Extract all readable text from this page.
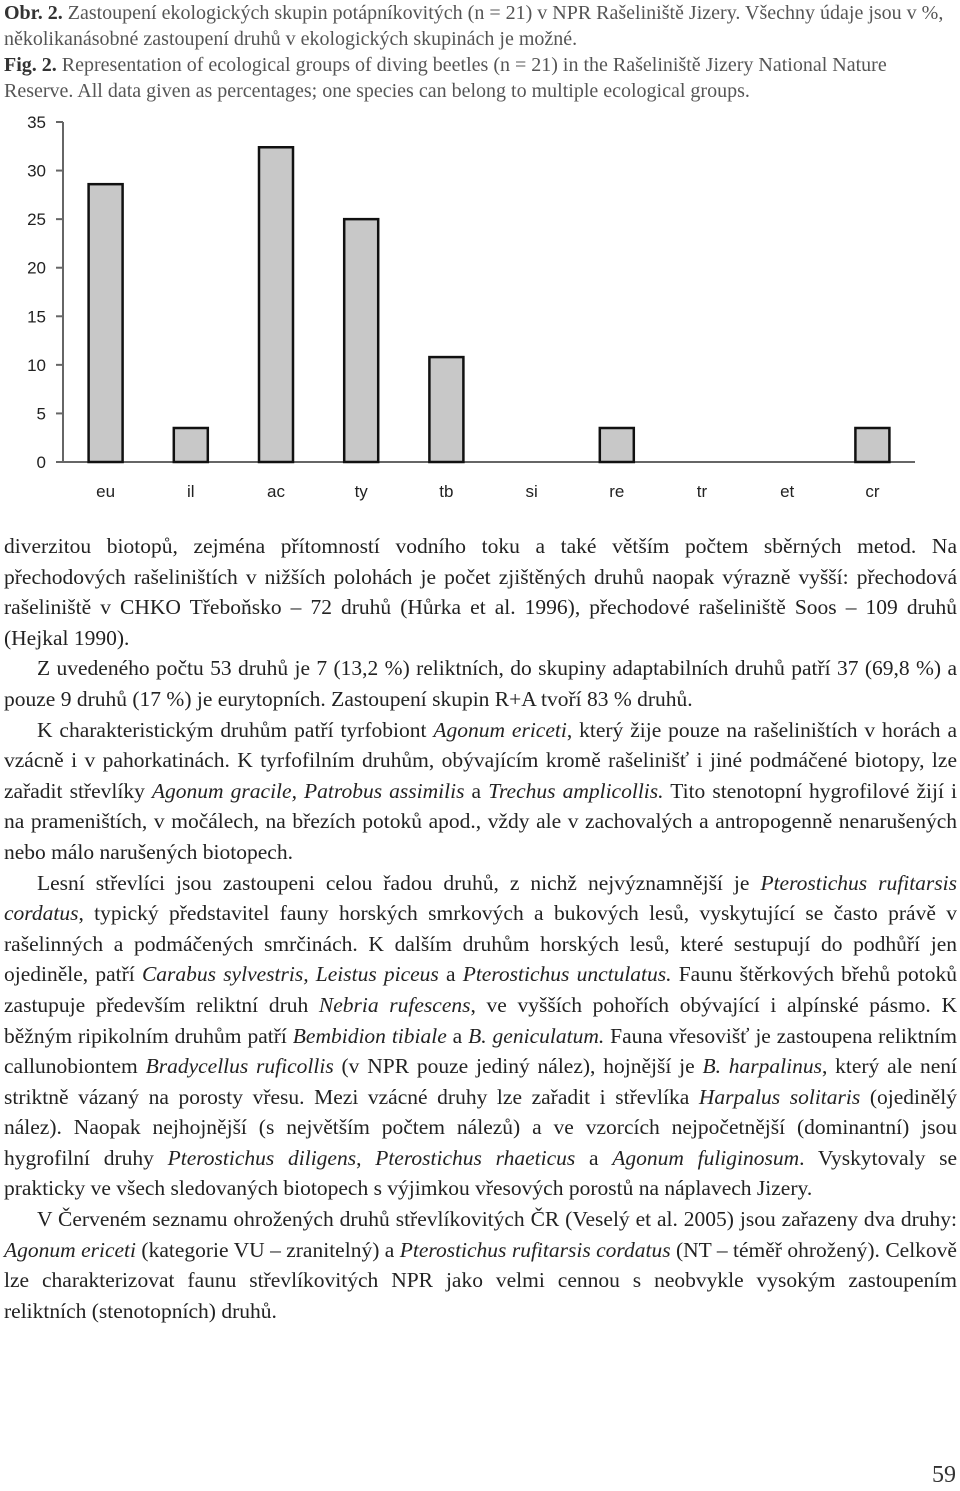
Obr. 2. Zastoupení ekologických skupin potápníkovitých (n = 21) v NPR Rašeliniště Jizery. Všechny údaje jsou v %, několikanásobné zastoupení druhů v ekologických skupinách je možné.
Fig. 2. Representation of ecological groups of diving beetles (n = 21) in the Rašeliniště Jizery National Nature Reserve. All data given as percentages; one species can belong to multiple ecological groups.
0
5
10
15
20
25
30
35
eu	il	ac	ty	tb	si	re	tr	et	cr

diverzitou biotopů, zejména přítomností vodního toku a také větším počtem sběrných metod. Na přechodových rašeliništích v nižších polohách je počet zjištěných druhů naopak výrazně vyšší: přechodová rašeliniště v CHKO Třeboňsko – 72 druhů (Hůrka et al. 1996), přechodové rašeliniště Soos – 109 druhů (Hejkal 1990).

Z uvedeného počtu 53 druhů je 7 (13,2 %) reliktních, do skupiny adaptabilních druhů patří 37 (69,8 %) a pouze 9 druhů (17 %) je eurytopních. Zastoupení skupin R+A tvoří 83 % druhů.

K charakteristickým druhům patří tyrfobiont Agonum ericeti, který žije pouze na rašeliništích v horách a vzácně i v pahorkatinách. K tyrfofilním druhům, obývajícím kromě rašelinišť i jiné podmáčené biotopy, lze zařadit střevlíky Agonum gracile, Patrobus assimilis a Trechus amplicollis. Tito stenotopní hygrofilové žijí i na prameništích, v močálech, na březích potoků apod., vždy ale v zachovalých a antropogenně nenarušených nebo málo narušených biotopech.

Lesní střevlíci jsou zastoupeni celou řadou druhů, z nichž nejvýznamnější je Pterostichus rufitarsis cordatus, typický představitel fauny horských smrkových a bukových lesů, vyskytující se často právě v rašelinných a podmáčených smrčinách. K dalším druhům horských lesů, které sestupují do podhůří jen ojediněle, patří Carabus sylvestris, Leistus piceus a Pterostichus unctulatus. Faunu štěrkových břehů potoků zastupuje především reliktní druh Nebria rufescens, ve vyšších pohořích obývající i alpínské pásmo. K běžným ripikolním druhům patří Bembidion tibiale a B. geniculatum. Fauna vřesovišť je zastoupena reliktním callunobiontem Bradycellus ruficollis (v NPR pouze jediný nález), hojnější je B. harpalinus, který ale není striktně vázaný na porosty vřesu. Mezi vzácné druhy lze zařadit i střevlíka Harpalus solitaris (ojedinělý nález). Naopak nejhojnější (s největším počtem nálezů) a ve vzorcích nejpočetnější (dominantní) jsou hygrofilní druhy Pterostichus diligens, Pterostichus rhaeticus a Agonum fuliginosum. Vyskytovaly se prakticky ve všech sledovaných biotopech s výjimkou vřesových porostů na náplavech Jizery.

V Červeném seznamu ohrožených druhů střevlíkovitých ČR (Veselý et al. 2005) jsou zařazeny dva druhy: Agonum ericeti (kategorie VU – zranitelný) a Pterostichus rufitarsis cordatus (NT – téměř ohrožený). Celkově lze charakterizovat faunu střevlíkovitých NPR jako velmi cennou s neobvykle vysokým zastoupením reliktních (stenotopních) druhů.

59
